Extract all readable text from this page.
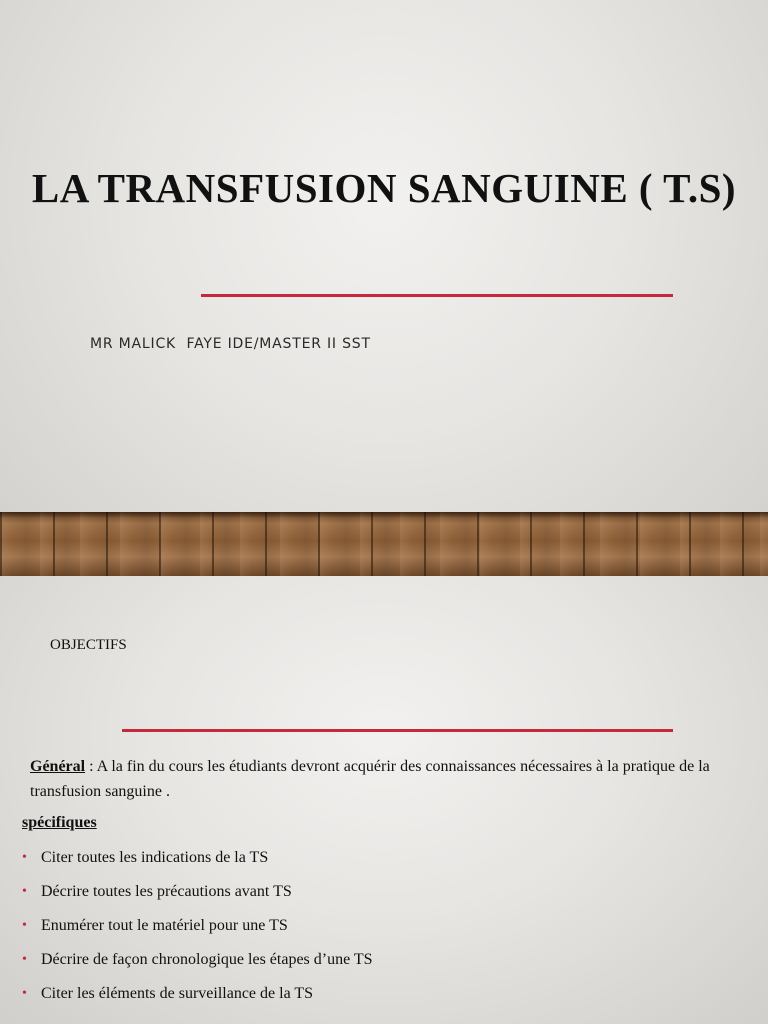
LA TRANSFUSION SANGUINE ( T.S)
MR MALICK  FAYE IDE/MASTER II SST
OBJECTIFS
Général : A la fin du cours les étudiants devront acquérir des connaissances nécessaires à la pratique de la transfusion sanguine .
spécifiques
• Citer toutes les indications de la TS
• Décrire toutes les précautions avant TS
• Enumérer tout le matériel pour une TS
• Décrire de façon chronologique les étapes d’une TS
• Citer les éléments de surveillance de la TS
